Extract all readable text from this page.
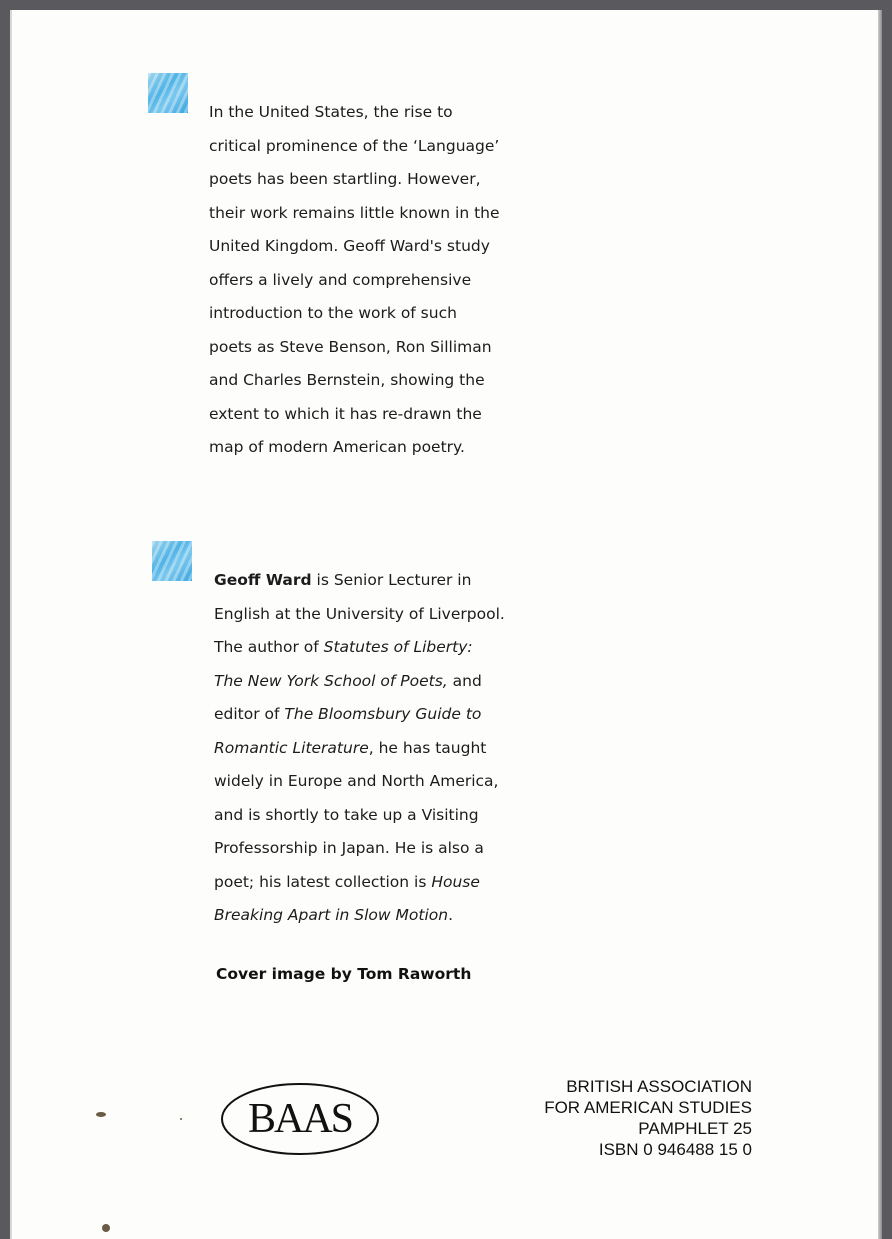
In the United States, the rise to

critical prominence of the ‘Language’

poets has been startling. However,

their work remains little known in the

United Kingdom. Geoff Ward's study

offers a lively and comprehensive

introduction to the work of such

poets as Steve Benson, Ron Silliman

and Charles Bernstein, showing the

extent to which it has re-drawn the

map of modern American poetry.

Geoff Ward is Senior Lecturer in

English at the University of Liverpool.

The author of Statutes of Liberty:

The New York School of Poets, and

editor of The Bloomsbury Guide to

Romantic Literature, he has taught

widely in Europe and North America,

and is shortly to take up a Visiting

Professorship in Japan. He is also a

poet; his latest collection is House

Breaking Apart in Slow Motion.

Cover image by Tom Raworth
BAAS
BRITISH ASSOCIATION
FOR AMERICAN STUDIES
PAMPHLET 25
ISBN 0 946488 15 0
